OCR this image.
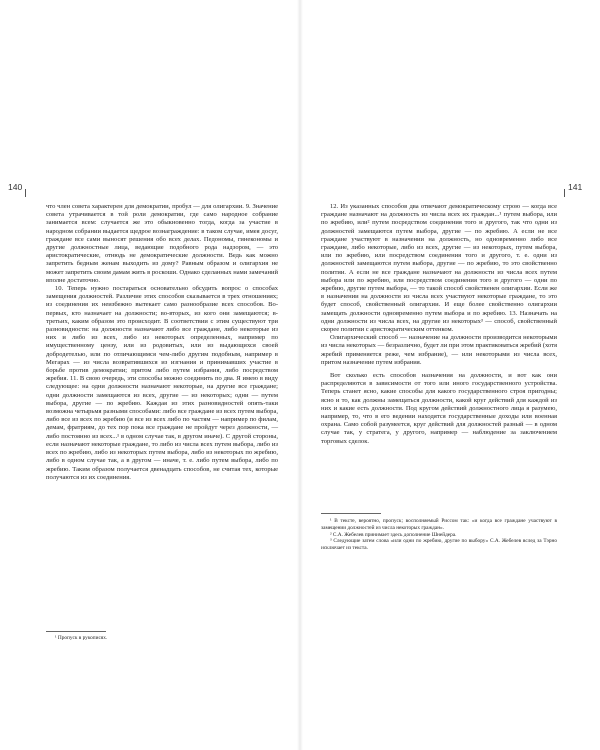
140

что член совета характерен для демократии, пробул — для олигархии. 9. Значение совета утрачивается в той роли демократии, где само народное собрание занимается всем: случается же это обыкновенно тогда, когда за участие в народном собрании выдается щедрое вознаграждение: в таком случае, имея досуг, граждане все сами выносят решения обо всех делах. Педономы, гинекономы и другие должностные лица, ведающие подобного рода надзором, — это аристократические, отнюдь не демократические должности. Ведь как можно запретить бедным женам выходить из дому? Равным образом и олигархия не может запретить своим дамам жить в роскоши. Однако сделанных нами замечаний вполне достаточно.

10. Теперь нужно постараться основательно обсудить вопрос о способах замещения должностей. Различие этих способов сказывается в трех отношениях; из соединения их неизбежно вытекает само разнообразие всех способов. Во-первых, кто назначает на должности; во-вторых, из кого они замещаются; в-третьих, каким образом это происходит. В соответствии с этим существуют три разновидности: на должности назначают либо все граждане, либо некоторые из них и либо из всех, либо из некоторых определенных, например по имущественному цензу, или из родовитых, или из выдающихся своей добродетелью, или по отличающимся чем-либо другим подобным, например в Мегарах — из числа возвратившихся из изгнания и принимавших участие в борьбе против демократии; притом либо путем избрания, либо посредством жребия. 11. В свою очередь, эти способы можно соединить по два. Я имею в виду следующее: на одни должности назначают некоторые, на другие все граждане; одни должности замещаются из всех, другие — из некоторых; одни — путем выбора, другие — по жребию. Каждая из этих разновидностей опять-таки возможна четырьмя разными способами: либо все граждане из всех путем выбора, либо все из всех по жребию (и все из всех либо по частям — например по филам, демам, фратриям, до тех пор пока все граждане не пройдут через должности, — либо постоянно из всех...¹ в одном случае так, в другом иначе). С другой стороны, если назначают некоторые граждане, то либо из числа всех путем выбора, либо из всех по жребию, либо из некоторых путем выбора, либо из некоторых по жребию, либо в одном случае так, а в другом — иначе, т. е. либо путем выбора, либо по жребию. Таким образом получается двенадцать способов, не считая тех, которые получаются из их соединения.

¹ Пропуск в рукописях.

141

12. Из указанных способов два отвечают демократическому строю — когда все граждане назначают на должность из числа всех их граждан...¹ путем выбора, или по жребию, или² путем посредством соединения того и другого, так что одни из должностей замещаются путем выбора, другие — по жребию. А если не все граждане участвуют в назначении на должность, но одновременно либо все граждане, либо некоторые, либо из всех, другие — из некоторых, путем выбора, или по жребию, или посредством соединения того и другого, т. е. одни из должностей замещаются путем выбора, другие — по жребию, то это свойственно политии. А если не все граждане назначают на должности из числа всех путем выбора или по жребию, или посредством соединения того и другого — одни по жребию, другие путем выбора, — то такой способ свойственен олигархии. Если же в назначении на должности из числа всех участвуют некоторые граждане, то это будет способ, свойственный олигархии. И еще более свойственно олигархии замещать должности одновременно путем выбора и по жребию. 13. Назначать на одни должности из числа всех, на другие из некоторых³ — способ, свойственный скорее политии с аристократическим оттенком.

Олигархический способ — назначение на должности производится некоторыми из числа некоторых — безразлично, будет ли при этом практиковаться жребий (хотя жребий применяется реже, чем избрание), — или некоторыми из числа всех, притом назначение путем избрания.

Вот сколько есть способов назначения на должности, и вот как они распределяются в зависимости от того или иного государственного устройства. Теперь станет ясно, какие способы для какого государственного строя пригодны; ясно и то, как должны замещаться должности, какой круг действий для каждой из них и какие есть должности. Под кругом действий должностного лица я разумею, например, то, что в его ведении находятся государственные доходы или военная охрана. Само собой разумеется, круг действий для должностей разный — в одном случае так, у стратега, у другого, например — наблюдение за заключением торговых сделок.

¹ В тексте, вероятно, пропуск; восполняемый Риссом так: «и когда все граждане участвуют в замещении должностей из числа некоторых граждан».

² С.А. Жебелев принимает здесь дополнение Шнейдера.

³ Следующие затем слова «или одни по жребию, другие по выбору» С.А. Жебелев вслед за Тэрно исключает из текста.
